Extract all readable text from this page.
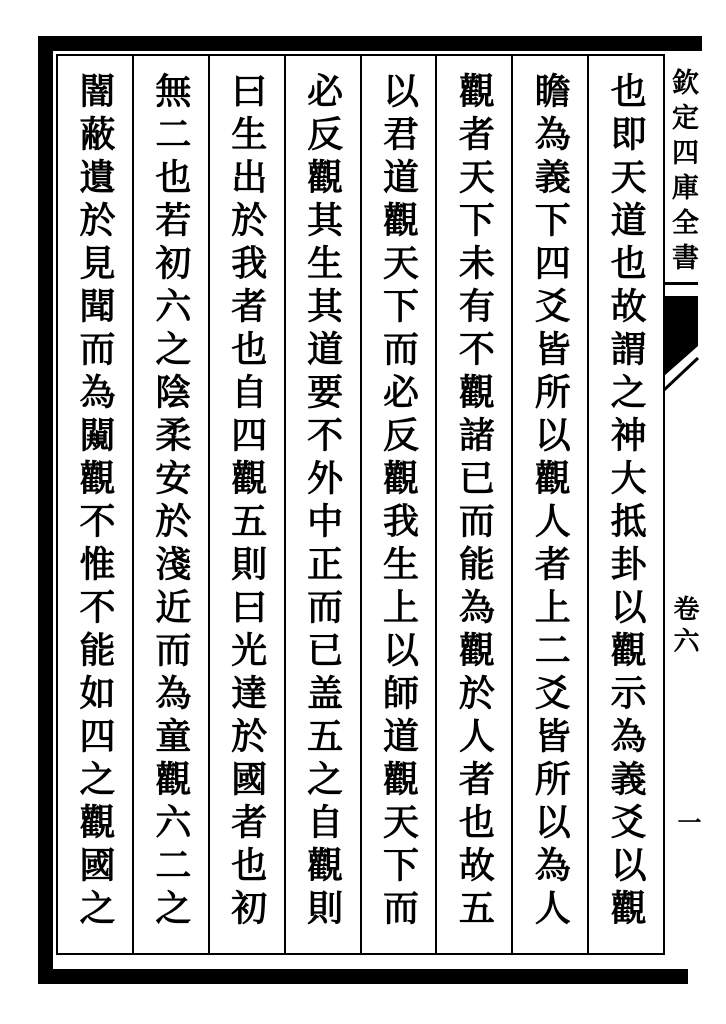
也即天道也故謂之神大抵卦以觀示為義爻以觀
瞻為義下四爻皆所以觀人者上二爻皆所以為人
觀者天下未有不觀諸已而能為觀於人者也故五
以君道觀天下而必反觀我生上以師道觀天下而
必反觀其生其道要不外中正而已盖五之自觀則
曰生出於我者也自四觀五則曰光達於國者也初
無二也若初六之陰柔安於淺近而為童觀六二之
闇蔽遺於見聞而為闚觀不惟不能如四之觀國之	欽定四庫全書
卷六
一
